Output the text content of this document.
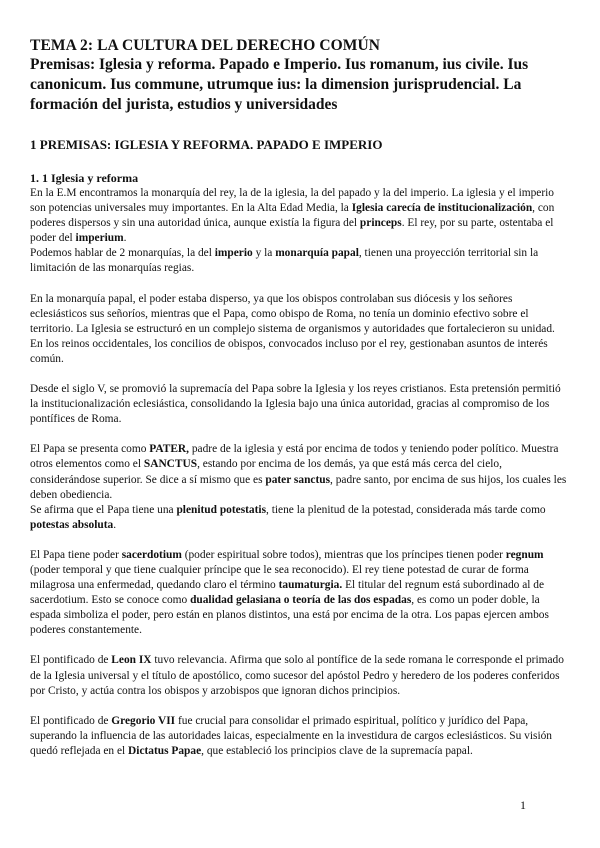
TEMA 2: LA CULTURA DEL DERECHO COMÚN
Premisas: Iglesia y reforma. Papado e Imperio. Ius romanum, ius civile. Ius canonicum. Ius commune, utrumque ius: la dimension jurisprudencial. La formación del jurista, estudios y universidades
1 PREMISAS: IGLESIA Y REFORMA. PAPADO E IMPERIO
1. 1 Iglesia y reforma

En la E.M encontramos la monarquía del rey, la de la iglesia, la del papado y la del imperio. La iglesia y el imperio son potencias universales muy importantes. En la Alta Edad Media, la Iglesia carecía de institucionalización, con poderes dispersos y sin una autoridad única, aunque existía la figura del princeps. El rey, por su parte, ostentaba el poder del imperium.

Podemos hablar de 2 monarquías, la del imperio y la monarquía papal, tienen una proyección territorial sin la limitación de las monarquías regias.

En la monarquía papal, el poder estaba disperso, ya que los obispos controlaban sus diócesis y los señores eclesiásticos sus señoríos, mientras que el Papa, como obispo de Roma, no tenía un dominio efectivo sobre el territorio. La Iglesia se estructuró en un complejo sistema de organismos y autoridades que fortalecieron su unidad. En los reinos occidentales, los concilios de obispos, convocados incluso por el rey, gestionaban asuntos de interés común.

Desde el siglo V, se promovió la supremacía del Papa sobre la Iglesia y los reyes cristianos. Esta pretensión permitió la institucionalización eclesiástica, consolidando la Iglesia bajo una única autoridad, gracias al compromiso de los pontífices de Roma.

El Papa se presenta como PATER, padre de la iglesia y está por encima de todos y teniendo poder político. Muestra otros elementos como el SANCTUS, estando por encima de los demás, ya que está más cerca del cielo, considerándose superior. Se dice a sí mismo que es pater sanctus, padre santo, por encima de sus hijos, los cuales les deben obediencia.

Se afirma que el Papa tiene una plenitud potestatis, tiene la plenitud de la potestad, considerada más tarde como potestas absoluta.

El Papa tiene poder sacerdotium (poder espiritual sobre todos), mientras que los príncipes tienen poder regnum (poder temporal y que tiene cualquier príncipe que le sea reconocido). El rey tiene potestad de curar de forma milagrosa una enfermedad, quedando claro el término taumaturgia. El titular del regnum está subordinado al de sacerdotium. Esto se conoce como dualidad gelasiana o teoría de las dos espadas, es como un poder doble, la espada simboliza el poder, pero están en planos distintos, una está por encima de la otra. Los papas ejercen ambos poderes constantemente.

El pontificado de Leon IX tuvo relevancia. Afirma que solo al pontífice de la sede romana le corresponde el primado de la Iglesia universal y el título de apostólico, como sucesor del apóstol Pedro y heredero de los poderes conferidos por Cristo, y actúa contra los obispos y arzobispos que ignoran dichos principios.

El pontificado de Gregorio VII fue crucial para consolidar el primado espiritual, político y jurídico del Papa, superando la influencia de las autoridades laicas, especialmente en la investidura de cargos eclesiásticos. Su visión quedó reflejada en el Dictatus Papae, que estableció los principios clave de la supremacía papal.

1
